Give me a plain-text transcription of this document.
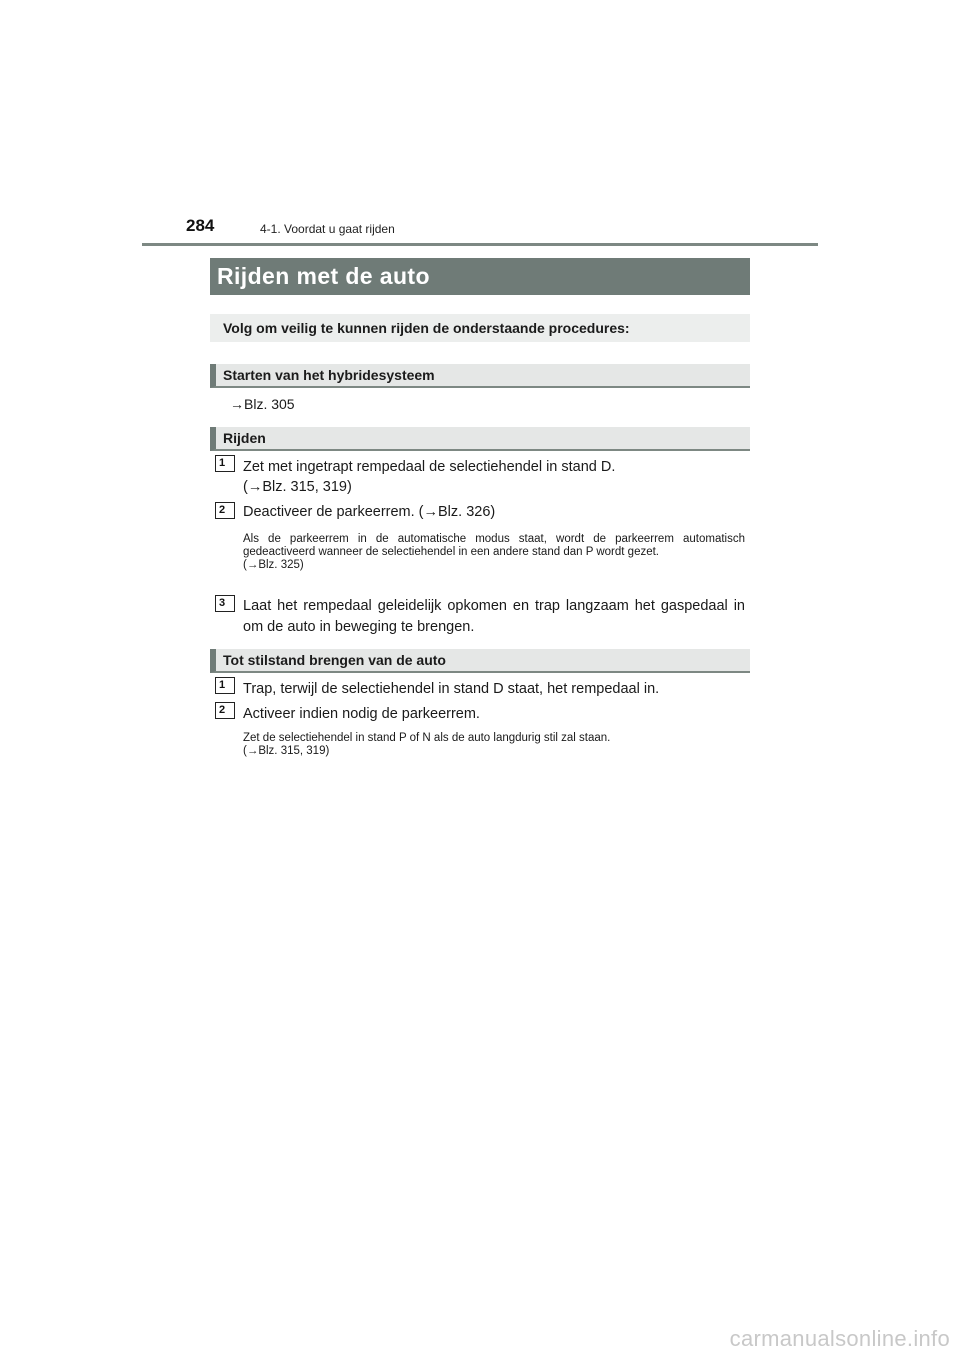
284	4-1. Voordat u gaat rijden
Rijden met de auto
Volg om veilig te kunnen rijden de onderstaande procedures:
Starten van het hybridesysteem
→Blz. 305
Rijden
1	Zet met ingetrapt rempedaal de selectiehendel in stand D.
(→Blz. 315, 319)
2	Deactiveer de parkeerrem. (→Blz. 326)
Als de parkeerrem in de automatische modus staat, wordt de parkeerrem automatisch gedeactiveerd wanneer de selectiehendel in een andere stand dan P wordt gezet.
(→Blz. 325)
3	Laat het rempedaal geleidelijk opkomen en trap langzaam het gaspedaal in om de auto in beweging te brengen.
Tot stilstand brengen van de auto
1	Trap, terwijl de selectiehendel in stand D staat, het rempedaal in.
2	Activeer indien nodig de parkeerrem.
Zet de selectiehendel in stand P of N als de auto langdurig stil zal staan.
(→Blz. 315, 319)
carmanualsonline.info
